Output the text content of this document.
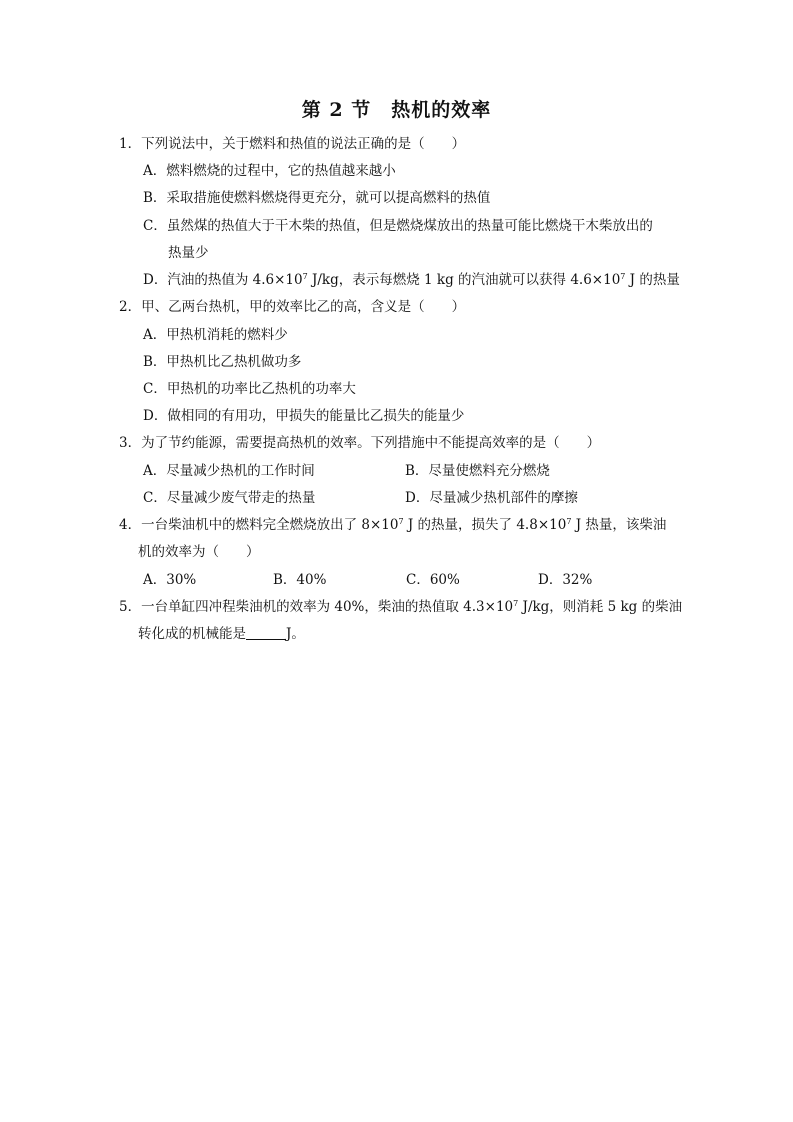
第 2 节　热机的效率
1．下列说法中，关于燃料和热值的说法正确的是（　　）
A．燃料燃烧的过程中，它的热值越来越小
B．采取措施使燃料燃烧得更充分，就可以提高燃料的热值
C．虽然煤的热值大于干木柴的热值，但是燃烧煤放出的热量可能比燃烧干木柴放出的
热量少
D．汽油的热值为 $4.6\times 10^7$ J/kg，表示每燃烧 1 kg 的汽油就可以获得 $4.6\times 10^7$ J 的热量
2．甲、乙两台热机，甲的效率比乙的高，含义是（　　）
A．甲热机消耗的燃料少
B．甲热机比乙热机做功多
C．甲热机的功率比乙热机的功率大
D．做相同的有用功，甲损失的能量比乙损失的能量少
3．为了节约能源，需要提高热机的效率。下列措施中不能提高效率的是（　　）
A．尽量减少热机的工作时间	B．尽量使燃料充分燃烧
C．尽量减少废气带走的热量	D．尽量减少热机部件的摩擦
4．一台柴油机中的燃料完全燃烧放出了 $8\times 10^7$ J 的热量，损失了 $4.8\times 10^7$ J 热量，该柴油
机的效率为（　　）
A．30%	B．40%	C．60%	D．32%
5．一台单缸四冲程柴油机的效率为 40%，柴油的热值取 $4.3\times 10^7$ J/kg，则消耗 5 kg 的柴油
转化成的机械能是	J。
